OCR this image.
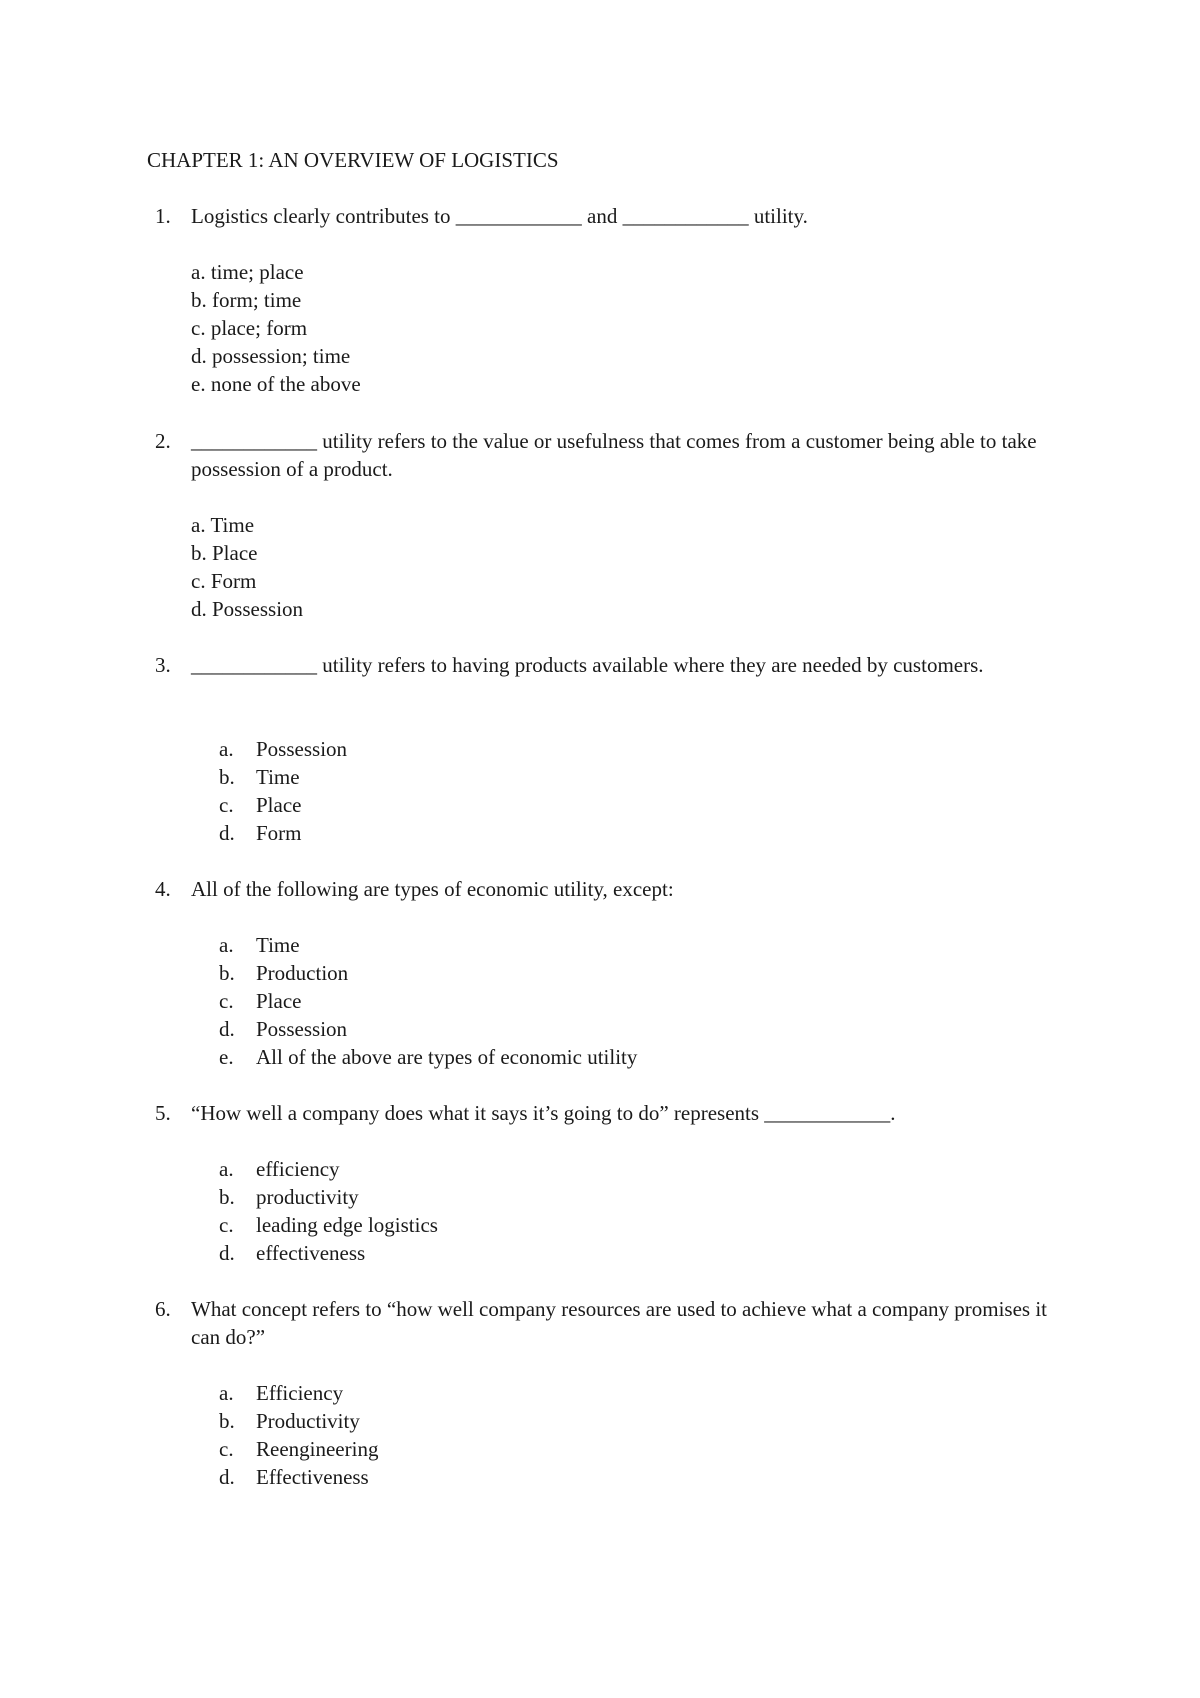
CHAPTER 1: AN OVERVIEW OF LOGISTICS
1. Logistics clearly contributes to ____________ and ____________ utility.
a. time; place
b. form; time
c. place; form
d. possession; time
e. none of the above
2. ____________ utility refers to the value or usefulness that comes from a customer being able to take possession of a product.
a. Time
b. Place
c. Form
d. Possession
3. ____________ utility refers to having products available where they are needed by customers.
a. Possession
b. Time
c. Place
d. Form
4. All of the following are types of economic utility, except:
a. Time
b. Production
c. Place
d. Possession
e. All of the above are types of economic utility
5. “How well a company does what it says it’s going to do” represents ____________.
a. efficiency
b. productivity
c. leading edge logistics
d. effectiveness
6. What concept refers to “how well company resources are used to achieve what a company promises it can do?”
a. Efficiency
b. Productivity
c. Reengineering
d. Effectiveness
